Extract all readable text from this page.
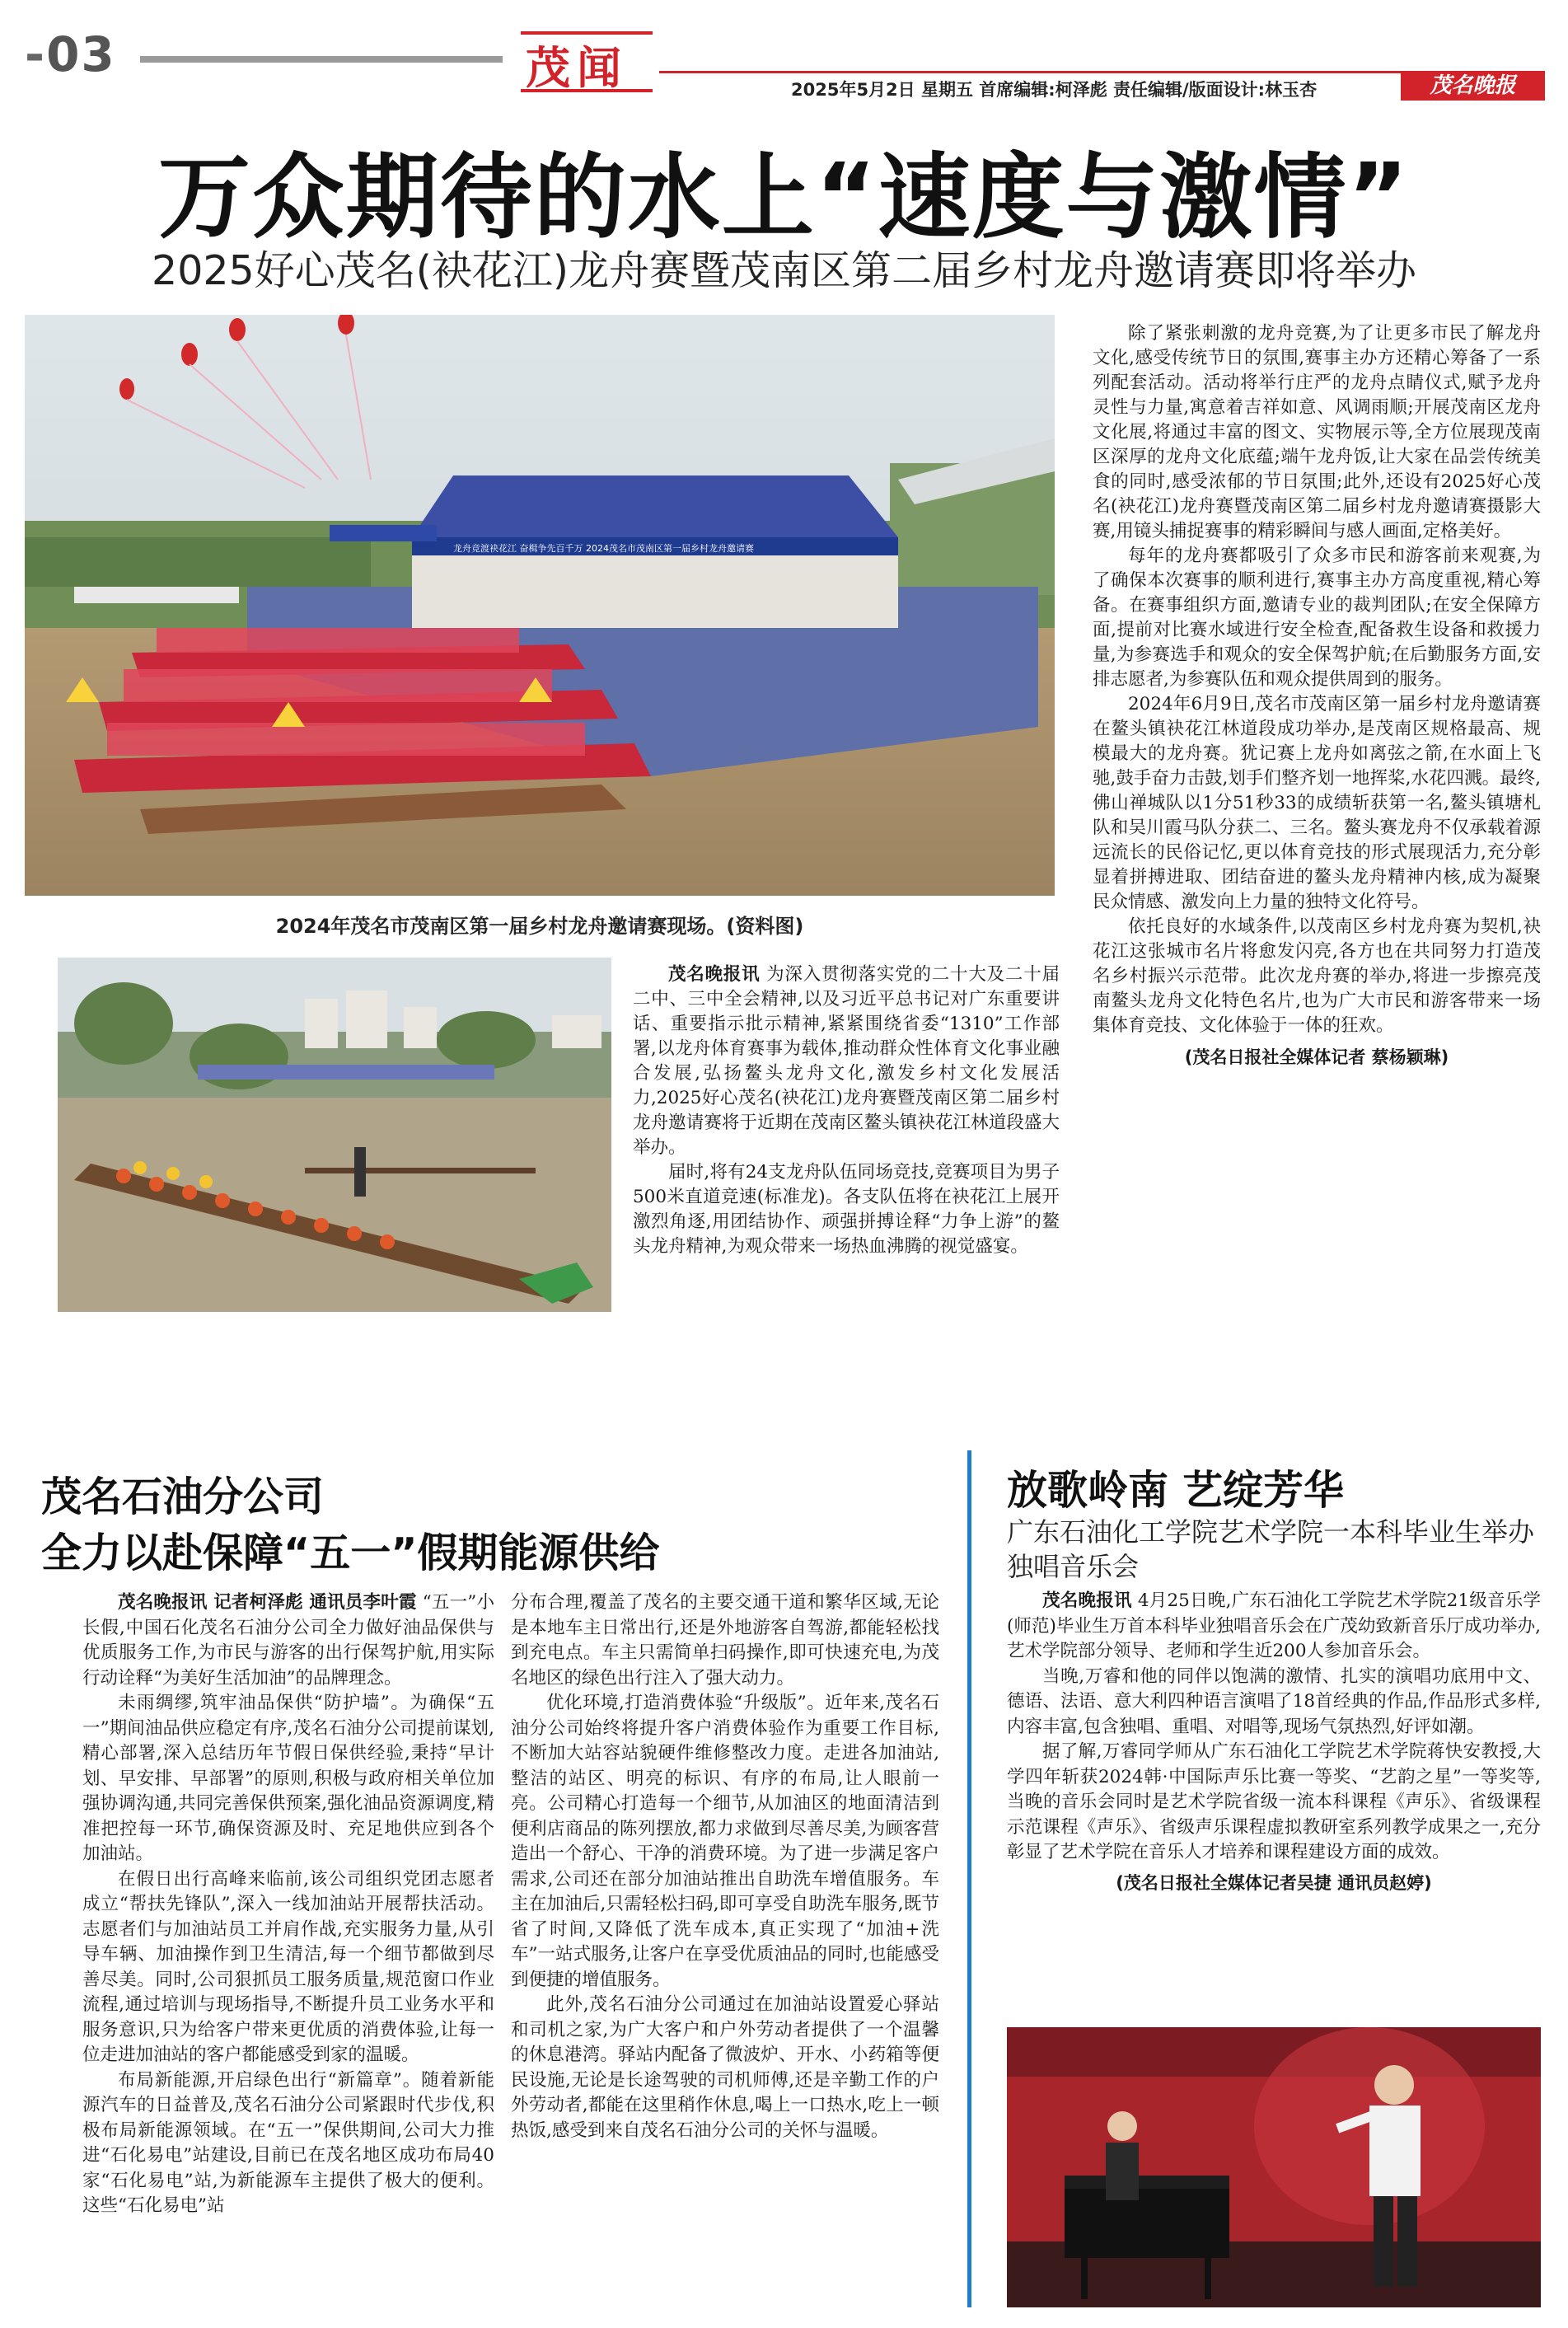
-03	茂闻	2025年5月2日 星期五 首席编辑:柯泽彪 责任编辑/版面设计:林玉杏	茂名晚报
万众期待的水上“速度与激情”
2025好心茂名(袂花江)龙舟赛暨茂南区第二届乡村龙舟邀请赛即将举办
龙舟竞渡袂花江 奋楫争先百千万 2024茂名市茂南区第一届乡村龙舟邀请赛
2024年茂名市茂南区第一届乡村龙舟邀请赛现场。(资料图)

茂名晚报讯 为深入贯彻落实党的二十大及二十届二中、三中全会精神,以及习近平总书记对广东重要讲话、重要指示批示精神,紧紧围绕省委“1310”工作部署,以龙舟体育赛事为载体,推动群众性体育文化事业融合发展,弘扬鳌头龙舟文化,激发乡村文化发展活力,2025好心茂名(袂花江)龙舟赛暨茂南区第二届乡村龙舟邀请赛将于近期在茂南区鳌头镇袂花江林道段盛大举办。

届时,将有24支龙舟队伍同场竞技,竞赛项目为男子500米直道竞速(标准龙)。各支队伍将在袂花江上展开激烈角逐,用团结协作、顽强拼搏诠释“力争上游”的鳌头龙舟精神,为观众带来一场热血沸腾的视觉盛宴。

除了紧张刺激的龙舟竞赛,为了让更多市民了解龙舟文化,感受传统节日的氛围,赛事主办方还精心筹备了一系列配套活动。活动将举行庄严的龙舟点睛仪式,赋予龙舟灵性与力量,寓意着吉祥如意、风调雨顺;开展茂南区龙舟文化展,将通过丰富的图文、实物展示等,全方位展现茂南区深厚的龙舟文化底蕴;端午龙舟饭,让大家在品尝传统美食的同时,感受浓郁的节日氛围;此外,还设有2025好心茂名(袂花江)龙舟赛暨茂南区第二届乡村龙舟邀请赛摄影大赛,用镜头捕捉赛事的精彩瞬间与感人画面,定格美好。

每年的龙舟赛都吸引了众多市民和游客前来观赛,为了确保本次赛事的顺利进行,赛事主办方高度重视,精心筹备。在赛事组织方面,邀请专业的裁判团队;在安全保障方面,提前对比赛水域进行安全检查,配备救生设备和救援力量,为参赛选手和观众的安全保驾护航;在后勤服务方面,安排志愿者,为参赛队伍和观众提供周到的服务。

2024年6月9日,茂名市茂南区第一届乡村龙舟邀请赛在鳌头镇袂花江林道段成功举办,是茂南区规格最高、规模最大的龙舟赛。犹记赛上龙舟如离弦之箭,在水面上飞驰,鼓手奋力击鼓,划手们整齐划一地挥桨,水花四溅。最终,佛山禅城队以1分51秒33的成绩斩获第一名,鳌头镇塘札队和吴川霞马队分获二、三名。鳌头赛龙舟不仅承载着源远流长的民俗记忆,更以体育竞技的形式展现活力,充分彰显着拼搏进取、团结奋进的鳌头龙舟精神内核,成为凝聚民众情感、激发向上力量的独特文化符号。

依托良好的水域条件,以茂南区乡村龙舟赛为契机,袂花江这张城市名片将愈发闪亮,各方也在共同努力打造茂名乡村振兴示范带。此次龙舟赛的举办,将进一步擦亮茂南鳌头龙舟文化特色名片,也为广大市民和游客带来一场集体育竞技、文化体验于一体的狂欢。

(茂名日报社全媒体记者 蔡杨颖琳)
茂名石油分公司
全力以赴保障“五一”假期能源供给

茂名晚报讯 记者柯泽彪 通讯员李叶霞 “五一”小长假,中国石化茂名石油分公司全力做好油品保供与优质服务工作,为市民与游客的出行保驾护航,用实际行动诠释“为美好生活加油”的品牌理念。

未雨绸缪,筑牢油品保供“防护墙”。为确保“五一”期间油品供应稳定有序,茂名石油分公司提前谋划,精心部署,深入总结历年节假日保供经验,秉持“早计划、早安排、早部署”的原则,积极与政府相关单位加强协调沟通,共同完善保供预案,强化油品资源调度,精准把控每一环节,确保资源及时、充足地供应到各个加油站。

在假日出行高峰来临前,该公司组织党团志愿者成立“帮扶先锋队”,深入一线加油站开展帮扶活动。志愿者们与加油站员工并肩作战,充实服务力量,从引导车辆、加油操作到卫生清洁,每一个细节都做到尽善尽美。同时,公司狠抓员工服务质量,规范窗口作业流程,通过培训与现场指导,不断提升员工业务水平和服务意识,只为给客户带来更优质的消费体验,让每一位走进加油站的客户都能感受到家的温暖。

布局新能源,开启绿色出行“新篇章”。随着新能源汽车的日益普及,茂名石油分公司紧跟时代步伐,积极布局新能源领域。在“五一”保供期间,公司大力推进“石化易电”站建设,目前已在茂名地区成功布局40家“石化易电”站,为新能源车主提供了极大的便利。这些“石化易电”站

分布合理,覆盖了茂名的主要交通干道和繁华区域,无论是本地车主日常出行,还是外地游客自驾游,都能轻松找到充电点。车主只需简单扫码操作,即可快速充电,为茂名地区的绿色出行注入了强大动力。

优化环境,打造消费体验“升级版”。近年来,茂名石油分公司始终将提升客户消费体验作为重要工作目标,不断加大站容站貌硬件维修整改力度。走进各加油站,整洁的站区、明亮的标识、有序的布局,让人眼前一亮。公司精心打造每一个细节,从加油区的地面清洁到便利店商品的陈列摆放,都力求做到尽善尽美,为顾客营造出一个舒心、干净的消费环境。为了进一步满足客户需求,公司还在部分加油站推出自助洗车增值服务。车主在加油后,只需轻松扫码,即可享受自助洗车服务,既节省了时间,又降低了洗车成本,真正实现了“加油+洗车”一站式服务,让客户在享受优质油品的同时,也能感受到便捷的增值服务。

此外,茂名石油分公司通过在加油站设置爱心驿站和司机之家,为广大客户和户外劳动者提供了一个温馨的休息港湾。驿站内配备了微波炉、开水、小药箱等便民设施,无论是长途驾驶的司机师傅,还是辛勤工作的户外劳动者,都能在这里稍作休息,喝上一口热水,吃上一顿热饭,感受到来自茂名石油分公司的关怀与温暖。

放歌岭南 艺绽芳华
广东石油化工学院艺术学院一本科毕业生举办独唱音乐会

茂名晚报讯 4月25日晚,广东石油化工学院艺术学院21级音乐学(师范)毕业生万首本科毕业独唱音乐会在广茂幼致新音乐厅成功举办,艺术学院部分领导、老师和学生近200人参加音乐会。

当晚,万睿和他的同伴以饱满的激情、扎实的演唱功底用中文、德语、法语、意大利四种语言演唱了18首经典的作品,作品形式多样,内容丰富,包含独唱、重唱、对唱等,现场气氛热烈,好评如潮。

据了解,万睿同学师从广东石油化工学院艺术学院蒋快安教授,大学四年斩获2024韩·中国际声乐比赛一等奖、“艺韵之星”一等奖等,当晚的音乐会同时是艺术学院省级一流本科课程《声乐》、省级课程示范课程《声乐》、省级声乐课程虚拟教研室系列教学成果之一,充分彰显了艺术学院在音乐人才培养和课程建设方面的成效。

(茂名日报社全媒体记者吴捷 通讯员赵婷)
